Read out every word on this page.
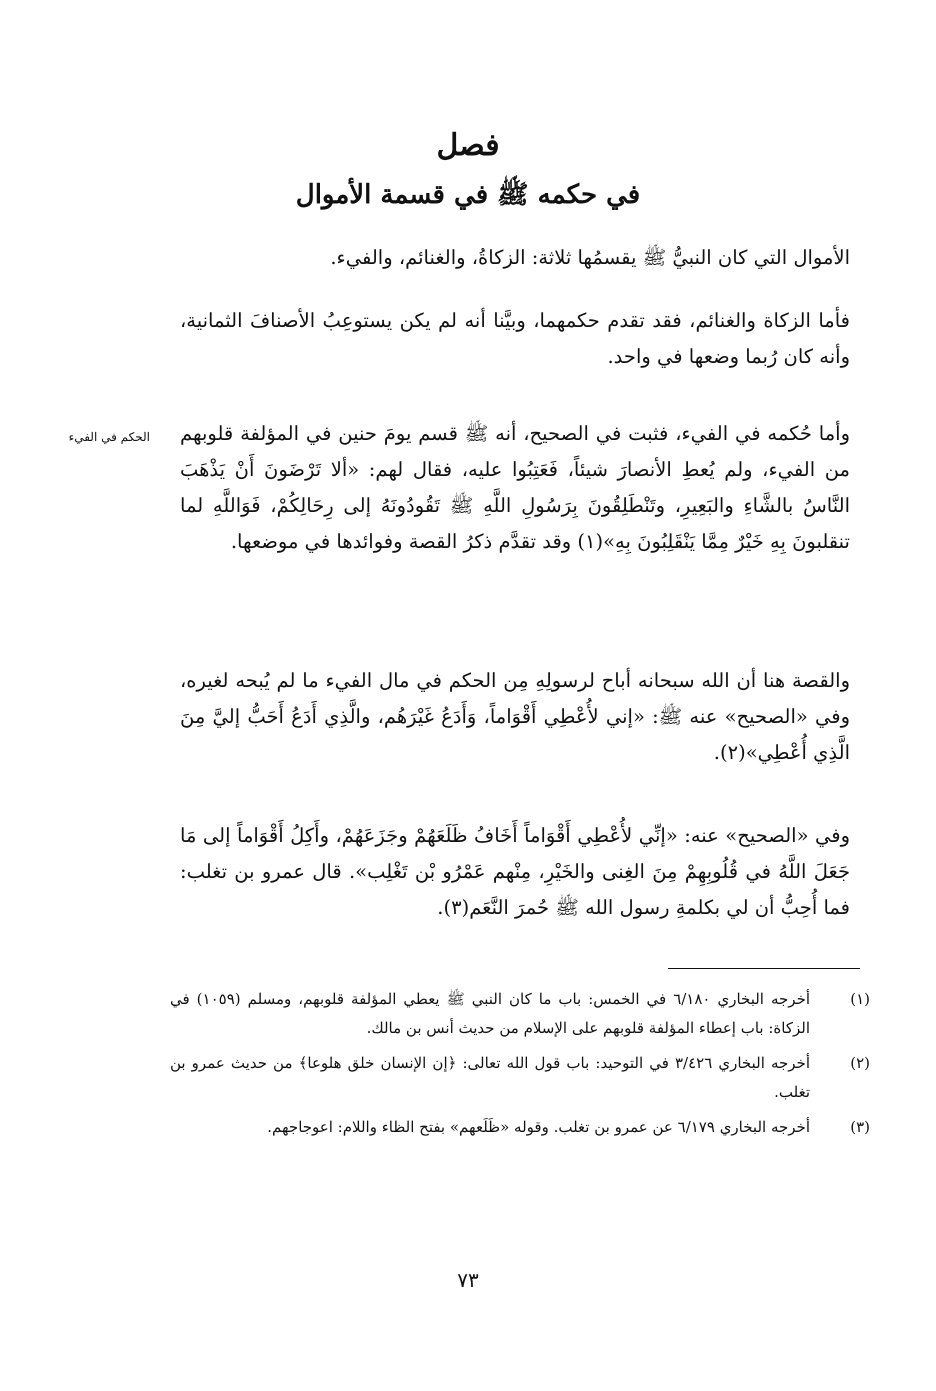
فصل
في حكمه ﷺ في قسمة الأموال
الأموال التي كان النبيُّ ﷺ يقسمُها ثلاثة: الزكاةُ، والغنائم، والفيء.
فأما الزكاة والغنائم، فقد تقدم حكمهما، وبيَّنا أنه لم يكن يستوعِبُ الأصنافَ الثمانية، وأنه كان رُبما وضعها في واحد.
وأما حُكمه في الفيء، فثبت في الصحيح، أنه ﷺ قسم يومَ حنين في المؤلفة قلوبهم من الفيء، ولم يُعطِ الأنصارَ شيئاً، فَعَتِبُوا عليه، فقال لهم: «ألا تَرْضَونَ أَنْ يَذْهَبَ النَّاسُ بالشَّاءِ والبَعِيرِ، وتَنْطَلِقُونَ بِرَسُولِ اللَّهِ ﷺ تَقُودُونَهُ إلى رِحَالِكُمْ، فَوَاللَّهِ لما تنقلبونَ بِهِ خَيْرٌ مِمَّا يَنْقَلِبُونَ بِهِ»(١) وقد تقدَّم ذكرُ القصة وفوائدها في موضعها.
والقصة هنا أن الله سبحانه أباح لرسولِهِ مِن الحكم في مال الفيء ما لم يُبحه لغيره، وفي «الصحيح» عنه ﷺ: «إني لأُعْطِي أَقْوَاماً، وَأَدَعُ غَيْرَهُم، والَّذِي أَدَعُ أَحَبُّ إليَّ مِنَ الَّذِي أُعْطِي»(٢).
وفي «الصحيح» عنه: «إنِّي لأُعْطِي أَقْوَاماً أَخَافُ ظَلَعَهُمْ وجَزَعَهُمْ، وأَكِلُ أَقْوَاماً إلى مَا جَعَلَ اللَّهُ في قُلُوبِهِمْ مِنَ الغِنى والخَيْرِ، مِنْهم عَمْرُو بْن تَغْلِب». قال عمرو بن تغلب: فما أُحِبُّ أن لي بكلمةِ رسول الله ﷺ حُمرَ النَّعَم(٣).
الحكم في الفيء
(١)
أخرجه البخاري ٦/١٨٠ في الخمس: باب ما كان النبي ﷺ يعطي المؤلفة قلوبهم، ومسلم (١٠٥٩) في الزكاة: باب إعطاء المؤلفة قلوبهم على الإسلام من حديث أنس بن مالك.
(٢)
أخرجه البخاري ٣/٤٢٦ في التوحيد: باب قول الله تعالى: ﴿إن الإنسان خلق هلوعا﴾ من حديث عمرو بن تغلب.
(٣)
أخرجه البخاري ٦/١٧٩ عن عمرو بن تغلب. وقوله «ظَلَعهم» بفتح الظاء واللام: اعوجاجهم.
٧٣
